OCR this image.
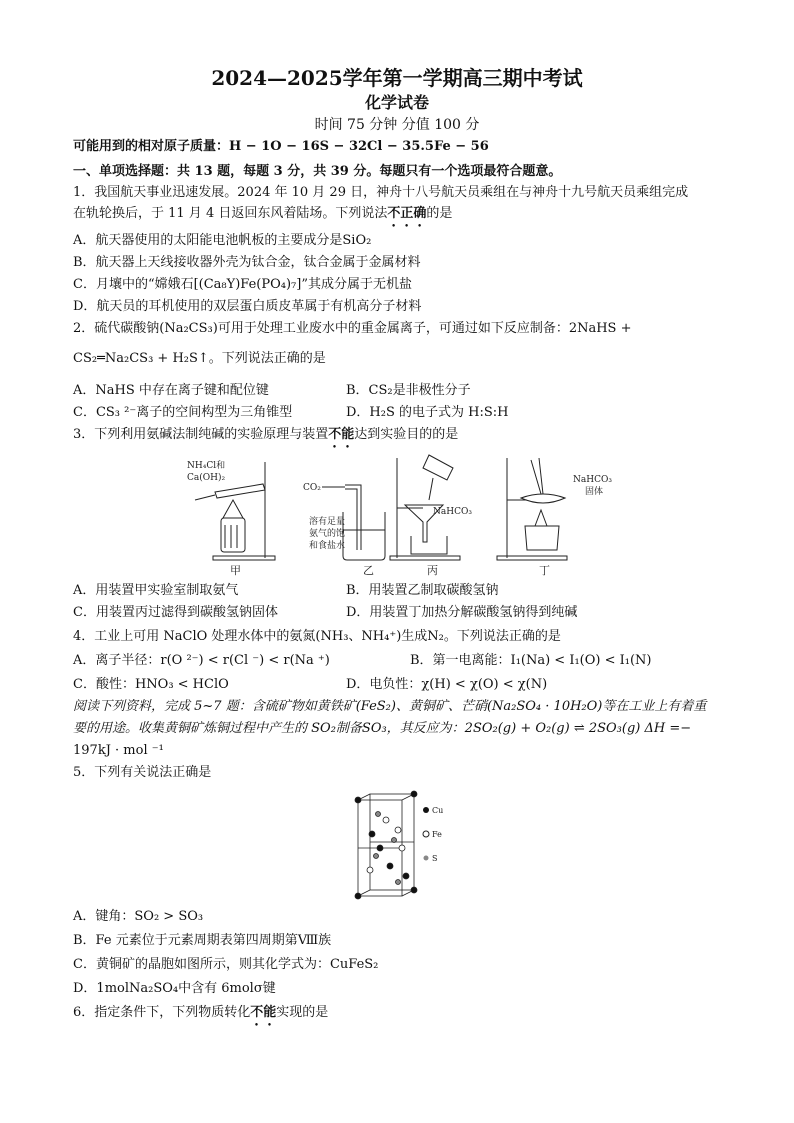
2024—2025学年第一学期高三期中考试
化学试卷
时间 75 分钟 分值 100 分
可能用到的相对原子质量：H − 1O − 16S − 32Cl − 35.5Fe − 56
一、单项选择题：共 13 题，每题 3 分，共 39 分。每题只有一个选项最符合题意。
1．我国航天事业迅速发展。2024 年 10 月 29 日，神舟十八号航天员乘组在与神舟十九号航天员乘组完成
在轨轮换后，于 11 月 4 日返回东风着陆场。下列说法不正确的是
A．航天器使用的太阳能电池帆板的主要成分是SiO₂
B．航天器上天线接收器外壳为钛合金，钛合金属于金属材料
C．月壤中的“嫦娥石[(Ca₈Y)Fe(PO₄)₇]”其成分属于无机盐
D．航天员的耳机使用的双层蛋白质皮革属于有机高分子材料
2．硫代碳酸钠(Na₂CS₃)可用于处理工业废水中的重金属离子，可通过如下反应制备：2NaHS +
CS₂═Na₂CS₃ + H₂S↑。下列说法正确的是
A．NaHS 中存在离子键和配位键	B．CS₂是非极性分子
C．CS₃ ²⁻离子的空间构型为三角锥型	D．H₂S 的电子式为 H:S:H
3．下列利用氨碱法制纯碱的实验原理与装置不能达到实验目的的是
NH₄Cl和
Ca(OH)₂
甲
CO₂
溶有足量
氨气的饱
和食盐水
乙
NaHCO₃
丙
NaHCO₃
固体
丁
A．用装置甲实验室制取氨气	B．用装置乙制取碳酸氢钠
C．用装置丙过滤得到碳酸氢钠固体	D．用装置丁加热分解碳酸氢钠得到纯碱
4．工业上可用 NaClO 处理水体中的氨氮(NH₃、NH₄⁺)生成N₂。下列说法正确的是
A．离子半径：r(O ²⁻) < r(Cl ⁻) < r(Na ⁺)	B．第一电离能：I₁(Na) < I₁(O) < I₁(N)
C．酸性：HNO₃ < HClO	D．电负性：χ(H) < χ(O) < χ(N)
阅读下列资料，完成 5~7 题：含硫矿物如黄铁矿(FeS₂)、黄铜矿、芒硝(Na₂SO₄ · 10H₂O)等在工业上有着重
要的用途。收集黄铜矿炼铜过程中产生的 SO₂制备SO₃，其反应为：2SO₂(g) + O₂(g) ⇌ 2SO₃(g) ΔH =−
197kJ · mol ⁻¹
5．下列有关说法正确是
Cu
Fe
S
A．键角：SO₂ > SO₃
B．Fe 元素位于元素周期表第四周期第Ⅷ族
C．黄铜矿的晶胞如图所示，则其化学式为：CuFeS₂
D．1molNa₂SO₄中含有 6molσ键
6．指定条件下，下列物质转化不能实现的是
